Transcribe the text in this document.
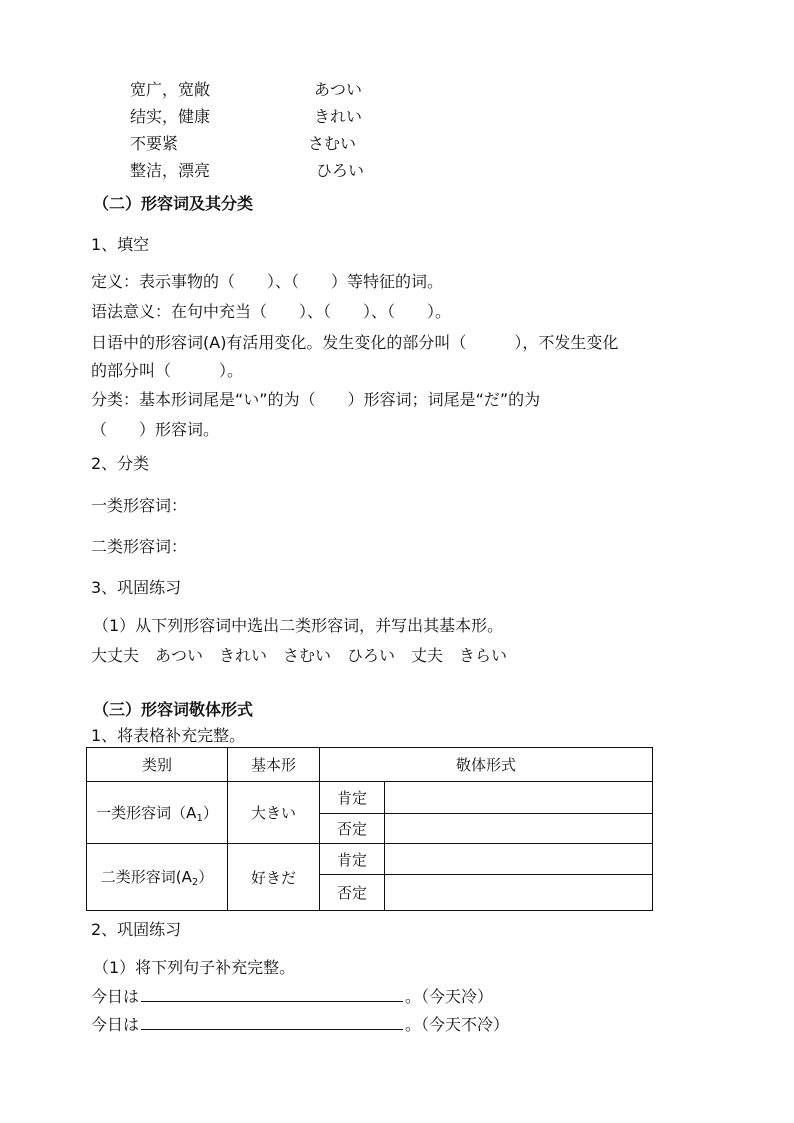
宽广，宽敞	あつい
结实，健康	きれい
不要紧	さむい
整洁，漂亮	ひろい
（二）形容词及其分类
1、填空
定义：表示事物的（　　）、（　　）等特征的词。
语法意义：在句中充当（　　）、（　　）、（　　）。
日语中的形容词(A)有活用变化。发生变化的部分叫（　　　），不发生变化
的部分叫（　　　）。
分类：基本形词尾是“い”的为（　　）形容词；词尾是“だ”的为
（　　）形容词。
2、分类
一类形容词：
二类形容词：
3、巩固练习
（1）从下列形容词中选出二类形容词，并写出其基本形。
大丈夫　あつい　きれい　さむい　ひろい　丈夫　きらい
（三）形容词敬体形式
1、将表格补充完整。
类别	基本形	敬体形式	
一类形容词$(A_1)$	大きい	肯定	
		否定	
二类形容词$(A_2)$	好きだ	肯定	
		否定	
2、巩固练习
（1）将下列句子补充完整。
今日は	。（今天冷）
今日は	。（今天不冷）
